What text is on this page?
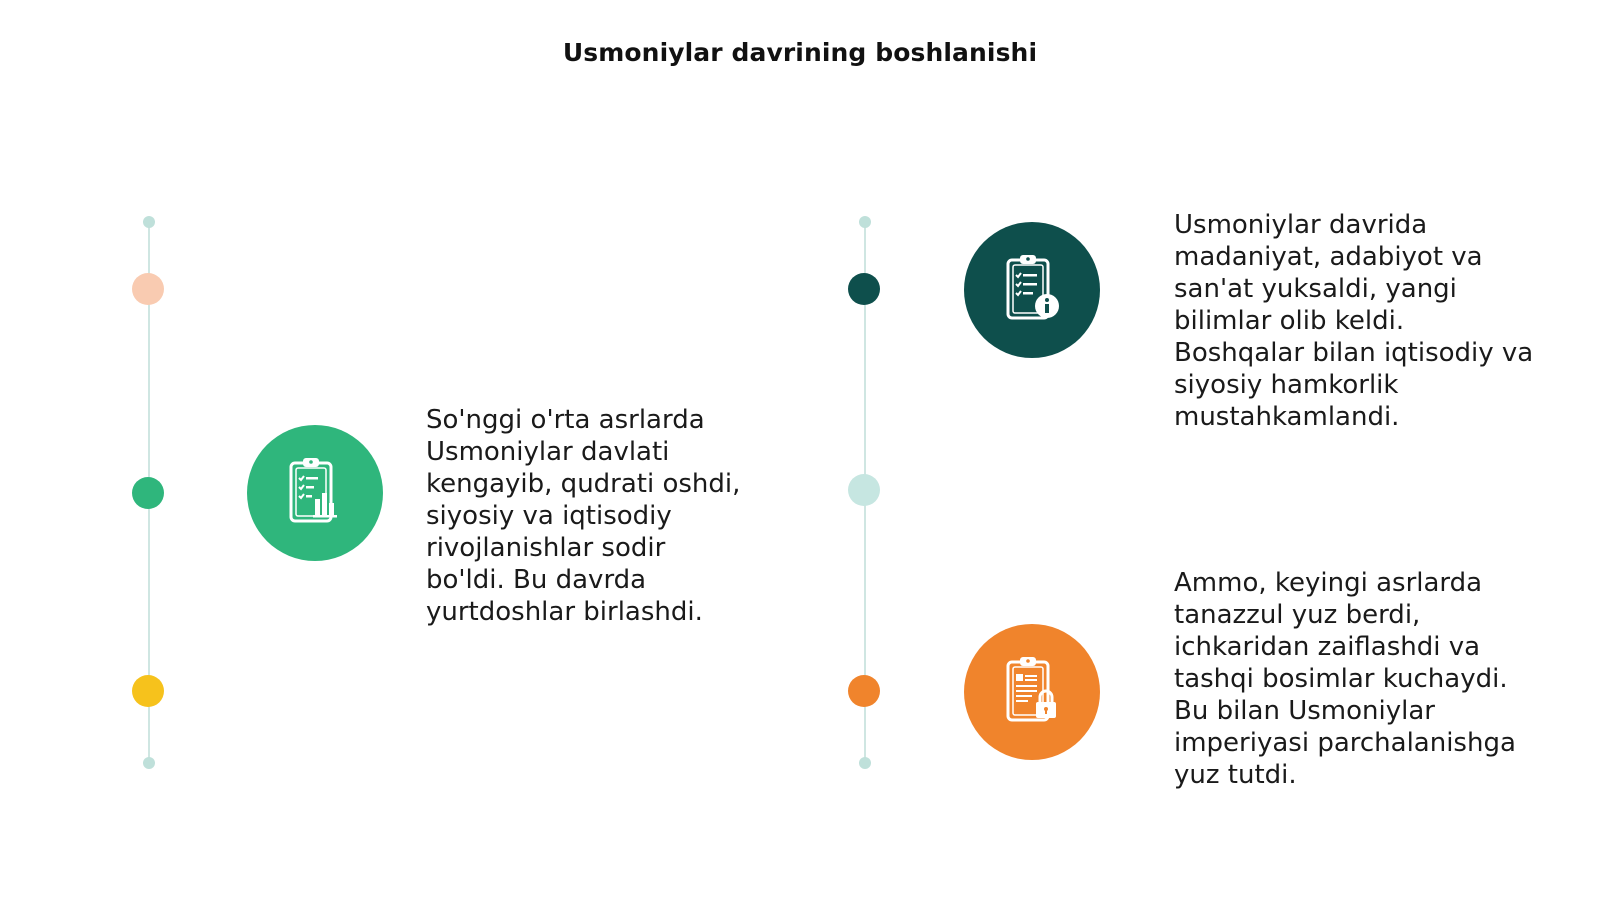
Usmoniylar davrining boshlanishi
So'nggi o'rta asrlarda
Usmoniylar davlati
kengayib, qudrati oshdi,
siyosiy va iqtisodiy
rivojlanishlar sodir
bo'ldi. Bu davrda
yurtdoshlar birlashdi.
Usmoniylar davrida
madaniyat, adabiyot va
san'at yuksaldi, yangi
bilimlar olib keldi.
Boshqalar bilan iqtisodiy va
siyosiy hamkorlik
mustahkamlandi.
Ammo, keyingi asrlarda
tanazzul yuz berdi,
ichkaridan zaiflashdi va
tashqi bosimlar kuchaydi.
Bu bilan Usmoniylar
imperiyasi parchalanishga
yuz tutdi.
